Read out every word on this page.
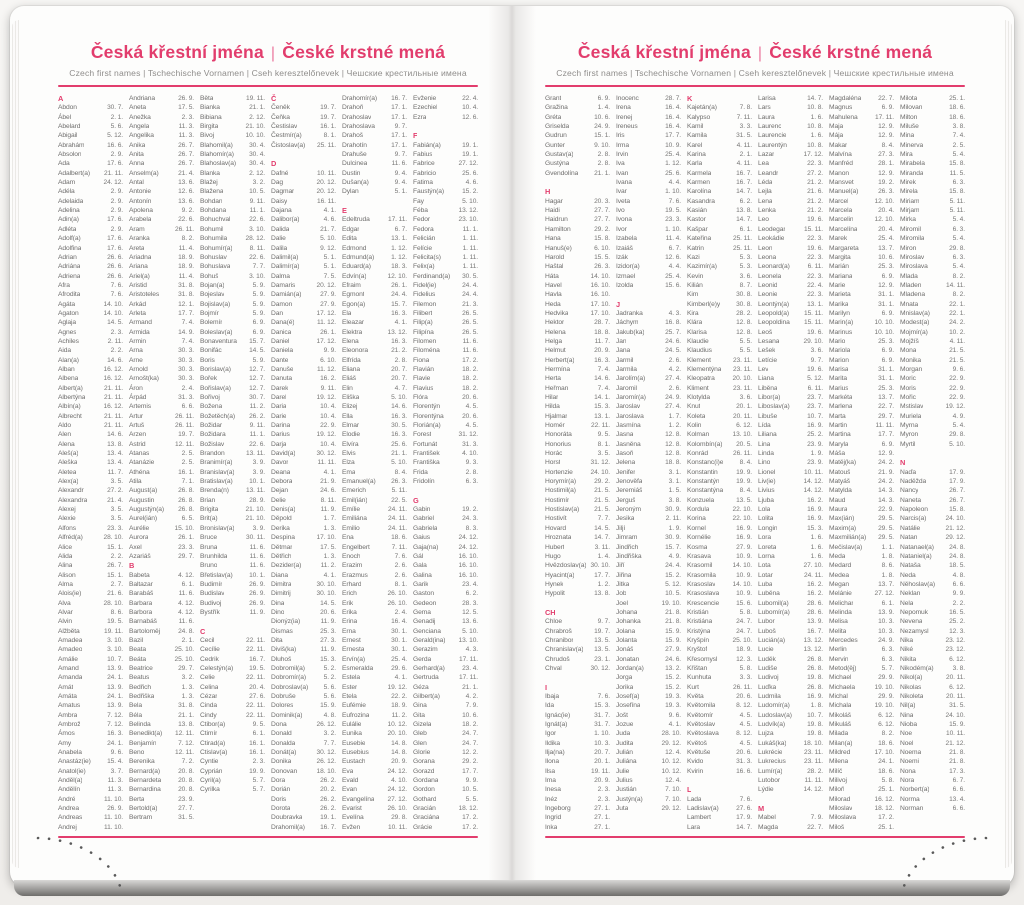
Česká křestní jména | České krstné mená
Czech first names | Tschechische Vornamen | Cseh keresztelőnevek | Чешские крестильные имена
A
Abdon	30. 7.
Ábel	2. 1.
Abelard	5. 6.
Abigail	5. 12.
Abrahám	16. 6.
Absolon	2. 9.
Ada	17. 6.
Adalbert(a) 21. 11.
Adam	24. 12.
Adéla	2. 9.
Adelaida	2. 9.
Adelina	2. 9.
Adin(a)	17. 6.
Adléta	2. 9.
Adolf(a)	17. 6.
Adolfina	17. 6.
Adrian	26. 6.
Adriána	26. 6.
Adriena	26. 6.
Afra	7. 6.
Afrodita	7. 6.
Agáta	14. 10.
Agaton	14. 10.
Aglaja	14. 5.
Agnes	2. 3.
Achiles	2. 11.
Aida	2. 2.
Alan(a)	14. 6.
Alban	16. 12.
Albena	16. 12.
Albert(a)	21. 11.
Albertýna	21. 11.
Albín(a)	16. 12.
Albrecht	21. 11.
Aldo	21. 11.
Alen	14. 6.
Alena	13. 8.
Aleš(a)	13. 4.
Aleška	13. 4.
Aletea	11. 7.
Alex(a)	3. 5.
Alexandr	27. 2.
Alexandra	21. 4.
Alexej	3. 5.
Alexie	3. 5.
Alfons	23. 3.
Alfréd(a)	28. 10.
Alice	15. 1.
Alida	2. 2.
Alina	26. 7.
Alison	15. 1.
Alma	2. 7.
Alois(ie)	21. 6.
Alva	28. 10.
Alvar	8. 6.
Alvin	19. 5.
Alžběta	19. 11.
Amadea	3. 10.
Amadeo	3. 10.
Amálie	10. 7.
Amand	13. 9.
Amanda	24. 1.
Amát	13. 9.
Amáta	24. 1.
Amatus	13. 9.
Ambra	7. 12.
Ambrož	7. 12.
Ámos	16. 3.
Amy	24. 1.
Anabela	9. 6.
Anastáz(ie) 15. 4.
Anatol(ie)	3. 7.
Anděl(a)	11. 3.
Andělín	11. 3.
André	11. 10.
Andrea	26. 9.
Andreas	11. 10.
Andrej	11. 10.
Andriana	26. 9.
Aneta	17. 5.
Anežka	2. 3.
Angela	11. 3.
Angelika	11. 3.
Anika	26. 7.
Anita	26. 7.
Anna	26. 7.
Anselm(a)	21. 4.
Antal	13. 6.
Antonie	12. 6.
Antonín	13. 6.
Apolena	9. 2.
Arabela	22. 6.
Aram	26. 11.
Aranka	8. 2.
Areta	11. 4.
Ariadna	18. 9.
Ariana	18. 9.
Ariel(a)	11. 4.
Aristid	31. 8.
Aristoteles	31. 8.
Arkád	12. 1.
Arleta	17. 7.
Armand	7. 4.
Armida	14. 9.
Armin	7. 4.
Arna	30. 3.
Arne	30. 3.
Arnold	30. 3.
Arnošt(ka)	30. 3.
Áron	2. 4.
Árpád	31. 3.
Artemis	6. 6.
Artur	26. 11.
Artuš	26. 11.
Arzen	19. 7.
Astrid	12. 11.
Atanas	2. 5.
Atanázie	2. 5.
Athéna	16. 1.
Atila	7. 1.
August(a)	26. 8.
Augustin	26. 8.
Augustýn(a) 26. 8.
Aurel(ián)	6. 5.
Aurélie	15. 10.
Aurora	26. 1.
Axel	23. 3.
Azariáš	29. 7.
B
Babeta	4. 12.
Baltazar	6. 1.
Barabáš	11. 6.
Barbara	4. 12.
Barbora	4. 12.
Barnabáš	11. 6.
Bartoloměj	24. 8.
Bazil	2. 1.
Beata	25. 10.
Beáta	25. 10.
Beatrice	29. 7.
Beatus	3. 2.
Bedřich	1. 3.
Bedřiška	1. 3.
Bela	31. 8.
Béla	21. 1.
Belinda	13. 8.
Benedikt(a) 12. 11.
Benjamín	7. 12.
Beno	12. 11.
Berenika	7. 2.
Bernard(a)	20. 8.
Bernardeta	20. 8.
Bernardina	20. 8.
Berta	23. 9.
Bertold(a)	27. 7.
Bertram	31. 5.
Běta	19. 11.
Bianka	21. 1.
Bibiana	2. 12.
Birgita	21. 10.
Bivoj	10. 10.
Blahomil(a) 30. 4.
Blahomír(a) 30. 4.
Blahoslav(a) 30. 4.
Blanka	2. 12.
Blažej	3. 2.
Blažena	10. 5.
Bohdan	9. 11.
Bohdana	11. 1.
Bohuchval	22. 6.
Bohumil	3. 10.
Bohumila	28. 12.
Bohumír(a)	8. 11.
Bohuslav	22. 6.
Bohuslava	7. 7.
Bohuš	3. 10.
Bojan(a)	5. 9.
Bojeslav	5. 9.
Bojislav(a)	5. 9.
Bojmír	5. 9.
Bolemír	6. 9.
Boleslav(a)	6. 9.
Bonaventura 15. 7.
Bonifác	14. 5.
Boris	5. 9.
Borislav(a)	12. 7.
Bořek	12. 7.
Bořislav(a)	12. 7.
Bořivoj	30. 7.
Božena	11. 2.
Božetěch(a) 26. 2.
Božidar	9. 11.
Božidara	11. 1.
Božislav	22. 6.
Brandon	13. 11.
Branimír(a)	3. 9.
Branislav(a)	3. 9.
Bratislav(a) 10. 1.
Brenda(n)	13. 11.
Brian	28. 9.
Brigita	21. 10.
Brit(a)	21. 10.
Bronislav(a)	3. 9.
Bruce	30. 11.
Bruna	11. 6.
Brunhilda	11. 6.
Bruno	11. 6.
Břetislav(a) 10. 1.
Budimír	26. 9.
Budislav	26. 9.
Budivoj	26. 9.
Bystřík	11. 9.
C
Cecil	22. 11.
Cecílie	22. 11.
Cedrik	16. 7.
Celestýn(a) 19. 5.
Celie	22. 11.
Celina	20. 4.
Cézar	27. 6.
Cinda	22. 11.
Cindy	22. 11.
Ctibor(a)	9. 5.
Ctimír	6. 1.
Ctirad(a)	16. 1.
Ctislav(a)	16. 1.
Cyntie	2. 3.
Cyprián	19. 9.
Cyril(a)	5. 7.
Cyrilka	5. 7.
Č
Čeněk	19. 7.
Čeňka	19. 7.
Čestislav	16. 1.
Čestmír(a)	8. 1.
Čistoslav(a) 25. 11.
D
Dafné	10. 11.
Dag	20. 12.
Dagmar	20. 12.
Daisy	16. 11.
Dajana	4. 1.
Dalibor(a)	4. 6.
Dalida	21. 7.
Dalie	5. 10.
Dalila	9. 12.
Dalimil(a)	5. 1.
Dalimír(a)	5. 1.
Dalma	7. 5.
Damaris	20. 12.
Damián(a)	27. 9.
Damon	27. 9.
Dan	17. 12.
Dana(é)	11. 12.
Danica	26. 1.
Daniel	17. 12.
Daniela	9. 9.
Dante	6. 10.
Danuše	11. 12.
Danuta	16. 2.
Darek	9. 11.
Darel	19. 12.
Daria	10. 4.
Darie	10. 4.
Darina	22. 9.
Darius	19. 12.
Darja	10. 4.
David(a)	30. 12.
Davor	11. 11.
Deana	4. 1.
Debora	21. 9.
Dejan	24. 6.
Delie	8. 11.
Denis(a)	11. 9.
Děpold	1. 7.
Derika	1. 3.
Despina	17. 10.
Dětmar	17. 5.
Dětřich	1. 3.
Dezider(a)	11. 2.
Diana	4. 1.
Dimitra	30. 10.
Dimitrij	30. 10.
Dina	14. 5.
Dino	20. 6.
Dionýz(ia)	11. 9.
Dismas	25. 3.
Dita	27. 3.
Diviš(ka)	11. 9.
Dluhoš	15. 3.
Dobromil(a)	5. 2.
Dobromír(a)	5. 2.
Dobroslav(a) 5. 6.
Dobruše	5. 6.
Dolores	15. 9.
Dominik(a)	4. 8.
Dona	26. 12.
Donald	3. 2.
Donalda	7. 7.
Donát(a)	30. 12.
Donika	26. 12.
Donovan	18. 10.
Dora	26. 2.
Dorián	20. 2.
Doris	26. 2.
Dorota	26. 2.
Doubravka	19. 1.
Drahomil(a) 16. 7.
Drahomír(a) 16. 7.
Drahoň	17. 1.
Drahoslav	17. 1.
Drahoslava	9. 7.
Drahoš	17. 1.
Drahotín	17. 1.
Drahuše	9. 7.
Dulcinea	11. 6.
Dustin	9. 4.
Dušan(a)	9. 4.
Dylan	5. 1.
E
Edeltruda	17. 11.
Edgar	6. 7.
Edita	13. 1.
Edmond	1. 12.
Edmund(a)	1. 12.
Eduard(a)	18. 3.
Edvín(a)	12. 10.
Efraim	26. 1.
Egmont	24. 4.
Egon(a)	15. 7.
Ela	16. 3.
Eleazar	4. 1.
Elektra	13. 12.
Elena	16. 3.
Eleonora	21. 2.
Elfrída	2. 8.
Eliana	20. 7.
Eliáš	20. 7.
Elin	4. 7.
Eliška	5. 10.
Elizej	14. 6.
Ella	16. 3.
Elmar	30. 5.
Elodie	16. 3.
Elvíra	25. 6.
Elvis	21. 1.
Elza	5. 10.
Ema	8. 4.
Emanuel(a) 26. 3.
Emerich	5. 11.
Emil(ián)	22. 5.
Emílie	24. 11.
Emiliána	24. 11.
Emilio	24. 11.
Ena	18. 6.
Engelbert	7. 11.
Enoch	7. 6.
Erazim	2. 6.
Erazmus	2. 6.
Erhard	8. 1.
Erich	26. 10.
Erik	26. 10.
Erika	2. 4.
Erina	16. 4.
Erna	30. 1.
Ernest	30. 1.
Ernesta	30. 1.
Ervín(a)	25. 4.
Esmeralda	29. 6.
Estela	4. 1.
Ester	19. 12.
Etela	22. 2.
Eufémie	18. 9.
Eufrozina	11. 2.
Eulálie	10. 12.
Eunika	20. 10.
Eusebie	14. 8.
Eusebius	14. 8.
Eustach	20. 9.
Eva	24. 12.
Evald	4. 10.
Evan	24. 12.
Evangelína 27. 12.
Evarist	26. 10.
Evelína	29. 8.
Evžen	10. 11.
Evženie	22. 4.
Ezechiel	10. 4.
Ezra	12. 6.
F
Fabián(a)	19. 1.
Fabius	19. 1.
Fabrice	27. 12.
Fabricio	25. 6.
Fatima	4. 6.
Faustýn(a)	15. 2.
Fay	5. 10.
Féba	13. 12.
Fedor	23. 10.
Fedora	11. 1.
Felicián	1. 11.
Felície	1. 11.
Felicita(s)	1. 11.
Felix(a)	1. 11.
Ferdinand(a) 30. 5.
Fidel(ie)	24. 4.
Fidelius	24. 4.
Filemon	21. 3.
Filibert	26. 5.
Filip(a)	26. 5.
Filipína	26. 5.
Filomen	11. 6.
Filoména	11. 6.
Fiona	17. 2.
Flavián	18. 2.
Flavie	18. 2.
Flavius	18. 2.
Flóra	20. 6.
Florentýn	4. 5.
Florentýna	20. 6.
Florián(a)	4. 5.
Forest	31. 12.
Fortunát	31. 3.
František	4. 10.
Františka	9. 3.
Frida	2. 8.
Fridolín	6. 3.
G
Gabin	19. 2.
Gabriel	24. 3.
Gabriela	8. 3.
Gaius	24. 12.
Gaja(na)	24. 12.
Gál	16. 10.
Gala	16. 10.
Galina	16. 10.
Garik	23. 4.
Gaston	6. 2.
Gedeon	28. 3.
Gema	12. 5.
Genadij	13. 6.
Genciana	5. 10.
Gerald(ina) 13. 10.
Gerazim	4. 3.
Gerda	17. 11.
Gerhard(a)	23. 4.
Gertruda	17. 11.
Géza	21. 1.
Gilbert(a)	4. 2.
Gina	7. 9.
Gita	10. 6.
Gizela	18. 2.
Gleb	24. 7.
Glen	24. 7.
Glorie	12. 2.
Gorana	29. 2.
Gorazd	17. 7.
Gordana	9. 9.
Gordon	10. 5.
Gothard	5. 5.
Gracián	18. 12.
Graciána	17. 2.
Grácie	17. 2.
Česká křestní jména | České krstné mená
Czech first names | Tschechische Vornamen | Cseh keresztelőnevek | Чешские крестильные имена
Grant	6. 9.
Gražina	1. 4.
Gréta	10. 6.
Griselda	24. 9.
Gudrun	15. 1.
Gunter	9. 10.
Gustav(a)	2. 8.
Gustýna	2. 8.
Gvendolína 21. 1.
H
Hagar	20. 3.
Haidi	27. 7.
Haidrun	27. 7.
Hamilton	29. 2.
Hana	15. 8.
Hanuš(e)	6. 10.
Harold	15. 5.
Haštal	26. 3.
Háta	14. 10.
Havel	16. 10.
Havla	16. 10.
Heda	17. 10.
Hedvika	17. 10.
Hektor	28. 7.
Helena	18. 8.
Helga	11. 7.
Helmut	20. 9.
Herbert(a)	16. 3.
Hermína	7. 4.
Herta	14. 6.
Heřman	7. 4.
Hilar	14. 1.
Hilda	15. 3.
Hjalmar	13. 1.
Homér	22. 11.
Honoráta	9. 5.
Honorius	8. 1.
Horác	3. 5.
Horst	31. 12.
Hortenzie	24. 10.
Horymír(a)	29. 2.
Hostimil(a)	21. 5.
Hostimír	21. 5.
Hostislav(a) 21. 5.
Hostivít	7. 7.
Hovard	14. 5.
Hroznata	14. 7.
Hubert	3. 11.
Hugo	1. 4.
Hvězdoslav(a) 30. 10.
Hyacint(a)	17. 7.
Hynek	1. 2.
Hypolit	13. 8.
CH
Chloe	9. 7.
Chrabroš	19. 7.
Chranibor	13. 5.
Chranislav(a) 13. 5.
Chrudoš	23. 1.
Chval	30. 12.
I
Ibaja	7. 6.
Ida	15. 3.
Ignác(ie)	31. 7.
Ignát(a)	31. 7.
Igor	1. 10.
Ildika	10. 3.
Ilja(na)	20. 7.
Ilona	20. 1.
Ilsa	19. 11.
Ima	20. 9.
Inesa	2. 3.
Inéz	2. 3.
Ingeborg	27. 1.
Ingrid	27. 1.
Inka	27. 1.
Inocenc	28. 7.
Irena	16. 4.
Irenej	16. 4.
Ireneus	16. 4.
Iris	17. 7.
Irma	10. 9.
Irvin	25. 4.
Iva	1. 12.
Ivan	25. 6.
Ivana	4. 4.
Ivar	1. 10.
Iveta	7. 6.
Ivo	19. 5.
Ivona	23. 3.
Ivor	1. 10.
Izabela	11. 4.
Izaiáš	6. 7.
Izák	12. 6.
Izidor(a)	4. 4.
Izmael	25. 4.
Izolda	15. 6.
J
Jadranka	4. 3.
Jáchym	16. 8.
Jakub(ka)	25. 7.
Jan	24. 6.
Jana	24. 5.
Jarmil	2. 6.
Jarmila	4. 2.
Jarolím(a)	27. 4.
Jaromil	2. 6.
Jaromír(a)	24. 9.
Jaroslav	27. 4.
Jaroslava	1. 7.
Jasmína	1. 2.
Jasna	12. 8.
Jasněna	12. 8.
Jasoň	12. 8.
Jelena	18. 8.
Jenifer	3. 1.
Jenověfa	3. 1.
Jeremiáš	1. 5.
Jerguš	3. 8.
Jeroným	30. 9.
Jesika	2. 11.
Jiljí	1. 9.
Jimram	30. 9.
Jindřich	15. 7.
Jindřiška	4. 9.
Jiří	24. 4.
Jiřina	15. 2.
Jitka	5. 12.
Job	10. 5.
Joel	19. 10.
Johana	21. 8.
Johanka	21. 8.
Jolana	15. 9.
Jolanta	15. 9.
Jonáš	27. 9.
Jonatan	24. 6.
Jordan(a)	13. 2.
Jorga	15. 2.
Jorika	15. 2.
Josef(a)	19. 3.
Josefína	19. 3.
Jošt	9. 6.
Jozue	4. 1.
Juda	28. 10.
Judita	29. 12.
Julián	12. 4.
Juliána	10. 12.
Julie	10. 12.
Julius	12. 4.
Justián	7. 10.
Justýn(a)	7. 10.
Juta	29. 12.
K
Kajetán(a)	7. 8.
Kalypso	7. 11.
Kamil	3. 3.
Kamila	31. 5.
Karel	4. 11.
Karina	2. 1.
Karla	4. 11.
Karmela	16. 7.
Karmen	16. 7.
Karolína	14. 7.
Kasandra	6. 2.
Kasián	13. 8.
Kastor	14. 7.
Kašpar	6. 1.
Kateřina	25. 11.
Katrin	25. 11.
Kazi	5. 3.
Kazimír(a)	5. 3.
Kevin	3. 6.
Kilián	8. 7.
Kim	30. 8.
Kimberl(e)y 30. 8.
Kira	28. 2.
Klára	12. 8.
Klarisa	12. 8.
Klaudie	5. 5.
Klaudius	5. 5.
Klement	23. 11.
Klementýna 23. 11.
Kleopatra	20. 10.
Kliment	23. 11.
Klotylda	3. 6.
Knut	20. 1.
Koleta	20. 11.
Kolin	6. 12.
Kolman	13. 10.
Kolombín(a) 20. 5.
Konrád	26. 11.
Konstanc(i)e 8. 4.
Konstantin	19. 9.
Konstantýn	19. 9.
Konstantýna	8. 4.
Konzuela	13. 5.
Kordula	22. 10.
Korina	22. 10.
Kornel	16. 9.
Kornélie	16. 9.
Kosma	27. 9.
Krasava	10. 9.
Krasomil	14. 10.
Krasomila	10. 9.
Krasoslav	14. 10.
Krasoslava	10. 9.
Krescencie	15. 6.
Kristián	5. 8.
Kristiána	24. 7.
Kristýna	24. 7.
Kryšpín	25. 10.
Kryštof	18. 9.
Křesomysl	12. 3.
Křištan	5. 8.
Kunhuta	3. 3.
Kurt	26. 11.
Květa	20. 6.
Květomila	8. 12.
Květomír	4. 5.
Květoslav	4. 5.
Květoslava	8. 12.
Květoš	4. 5.
Květuše	20. 6.
Kvido	31. 3.
Kvirin	16. 6.
L
Lada	7. 6.
Ladislav(a)	27. 6.
Lambert	17. 9.
Lara	14. 7.
Larisa	14. 7.
Lars	10. 8.
Laura	1. 6.
Laurenc	10. 8.
Laurencie	1. 6.
Laurentýn	10. 8.
Lazar	17. 12.
Lea	22. 3.
Leandr	27. 2.
Léda	21. 2.
Lejla	21. 6.
Lena	21. 2.
Lenka	21. 2.
Leo	19. 6.
Leodegar	15. 11.
Leokádie	22. 3.
Leon	19. 6.
Leona	22. 3.
Leonard(a)	6. 11.
Leonela	22. 3.
Leonid	22. 4.
Leonie	22. 3.
Leontýn(a)	13. 1.
Leopold(a) 15. 11.
Leopoldina 15. 11.
Leoš	19. 6.
Lesana	29. 10.
Lešek	3. 6.
Letície	9. 7.
Lev	19. 6.
Liana	5. 12.
Liběna	6. 11.
Libor(a)	23. 7.
Liboslav(a)	23. 7.
Libuše	10. 7.
Lída	16. 9.
Liliana	25. 2.
Lina	23. 9.
Linda	1. 9.
Lino	23. 9.
Lionel	10. 11.
Liv(ie)	14. 12.
Livius	14. 12.
Ljuba	16. 2.
Lola	16. 9.
Lolita	16. 9.
Longin	15. 3.
Lora	1. 6.
Loreta	1. 6.
Lorna	1. 6.
Lota	27. 10.
Lotar	24. 11.
Luba	16. 2.
Luběna	16. 2.
Lubomil(a)	28. 6.
Lubomír(a)	28. 6.
Lubor	13. 9.
Luboš	16. 7.
Lucián(a)	13. 12.
Lucie	13. 12.
Luděk	26. 8.
Ludiše	26. 8.
Ludivoj	19. 8.
Luďka	26. 8.
Ludmila	16. 9.
Ludomír(a)	1. 8.
Ludoslav(a) 10. 7.
Ludvík(a)	19. 8.
Lujza	19. 8.
Lukáš(ka)	18. 10.
Lukrécie	23. 11.
Lukrecius	23. 11.
Lumír(a)	28. 2.
Lutobor	11. 11.
Lýdie	14. 12.
M
Mabel	7. 9.
Magda	22. 7.
Magdaléna	22. 7.
Magnus	6. 9.
Mahulena	17. 11.
Maja	12. 9.
Mája	12. 9.
Makar	8. 4.
Malvína	27. 3.
Manfréd	28. 1.
Manon	12. 9.
Mansvet	19. 2.
Manuel(a)	26. 3.
Marcel	12. 10.
Marcela	20. 4.
Marcelin	12. 10.
Marcelína	20. 4.
Marek	25. 4.
Margareta	13. 7.
Margita	10. 6.
Marián	25. 3.
Mariana	6. 9.
Marie	12. 9.
Marieta	31. 1.
Marika	31. 1.
Marilyn	6. 9.
Marin(a)	10. 10.
Marinus	10. 10.
Mario	25. 3.
Mariola	6. 9.
Marion	6. 9.
Marisa	31. 1.
Marita	31. 1.
Marius	25. 3.
Markéta	13. 7.
Marlena	22. 7.
Marta	29. 7.
Martin	11. 11.
Martina	17. 7.
Maryla	6. 9.
Máša	12. 9.
Matěj(ka)	24. 2.
Matouš	21. 9.
Matyáš	24. 2.
Matylda	14. 3.
Maud	14. 3.
Maura	22. 9.
Max(ián)	29. 5.
Maxim(a)	29. 5.
Maxmilián(a) 29. 5.
Mečislav(a)	1. 1.
Meda	1. 8.
Medard	8. 6.
Medea	1. 8.
Megan	13. 7.
Melánie	27. 12.
Melichar	6. 1.
Melinda	13. 9.
Melisa	10. 3.
Melita	10. 3.
Mercedes	24. 9.
Merlin	6. 3.
Mervin	6. 3.
Metod(ěj)	5. 7.
Michael	29. 9.
Michaela	19. 10.
Michal	29. 9.
Michala	19. 10.
Mikoláš	6. 12.
Mikuláš	6. 12.
Milada	8. 2.
Milan(a)	18. 6.
Mildred	17. 10.
Milena	24. 1.
Milíč	18. 6.
Milivoj	5. 8.
Miloň	25. 1.
Milorad	16. 12.
Miloslav	18. 12.
Miloslava	17. 2.
Miloš	25. 1.
Milota	25. 1.
Milovan	18. 6.
Milton	18. 6.
Miluše	3. 8.
Mina	7. 4.
Minerva	2. 5.
Mira	5. 4.
Mirabela	15. 8.
Miranda	11. 5.
Mirek	6. 3.
Mirela	15. 8.
Miriam	5. 11.
Mirjam	5. 11.
Mirka	5. 4.
Miromil	6. 3.
Miromila	5. 4.
Miron	29. 8.
Miroslav	6. 3.
Miroslava	5. 4.
Mlada	8. 2.
Mladen	14. 11.
Mladena	8. 2.
Mnata	22. 1.
Mnislav(a)	22. 1.
Modest(a)	24. 2.
Mojmír(a)	10. 2.
Mojžíš	4. 11.
Mona	21. 5.
Monika	21. 5.
Morgan	9. 6.
Moric	22. 9.
Moris	22. 9.
Mořic	22. 9.
Mstislav	19. 12.
Muriela	4. 9.
Myrna	5. 4.
Myron	29. 8.
Myrtil	5. 10.
N
Naďa	17. 9.
Naděžda	17. 9.
Nancy	26. 7.
Naneta	26. 7.
Napoleon	15. 8.
Narcis(a)	24. 10.
Natálie	21. 12.
Natan	29. 12.
Natanael(a) 24. 8.
Nataniel(a)	24. 8.
Nataša	18. 5.
Neda	4. 8.
Něhoslav(a)	6. 6.
Neklan	9. 9.
Nela	2. 2.
Nepomuk	16. 5.
Nevena	25. 2.
Nezamysl	12. 3.
Nika	23. 12.
Niké	23. 12.
Nikita	6. 12.
Nikodém(a)	3. 8.
Nikol(a)	20. 11.
Nikolas	6. 12.
Nikoleta	20. 11.
Nil(a)	31. 5.
Nina	24. 10.
Nioba	15. 9.
Noe	10. 11.
Noel	21. 12.
Noema	21. 8.
Noemi	21. 8.
Nona	17. 3.
Nora	6. 7.
Norbert(a)	6. 6.
Norma	13. 4.
Norman	6. 6.
